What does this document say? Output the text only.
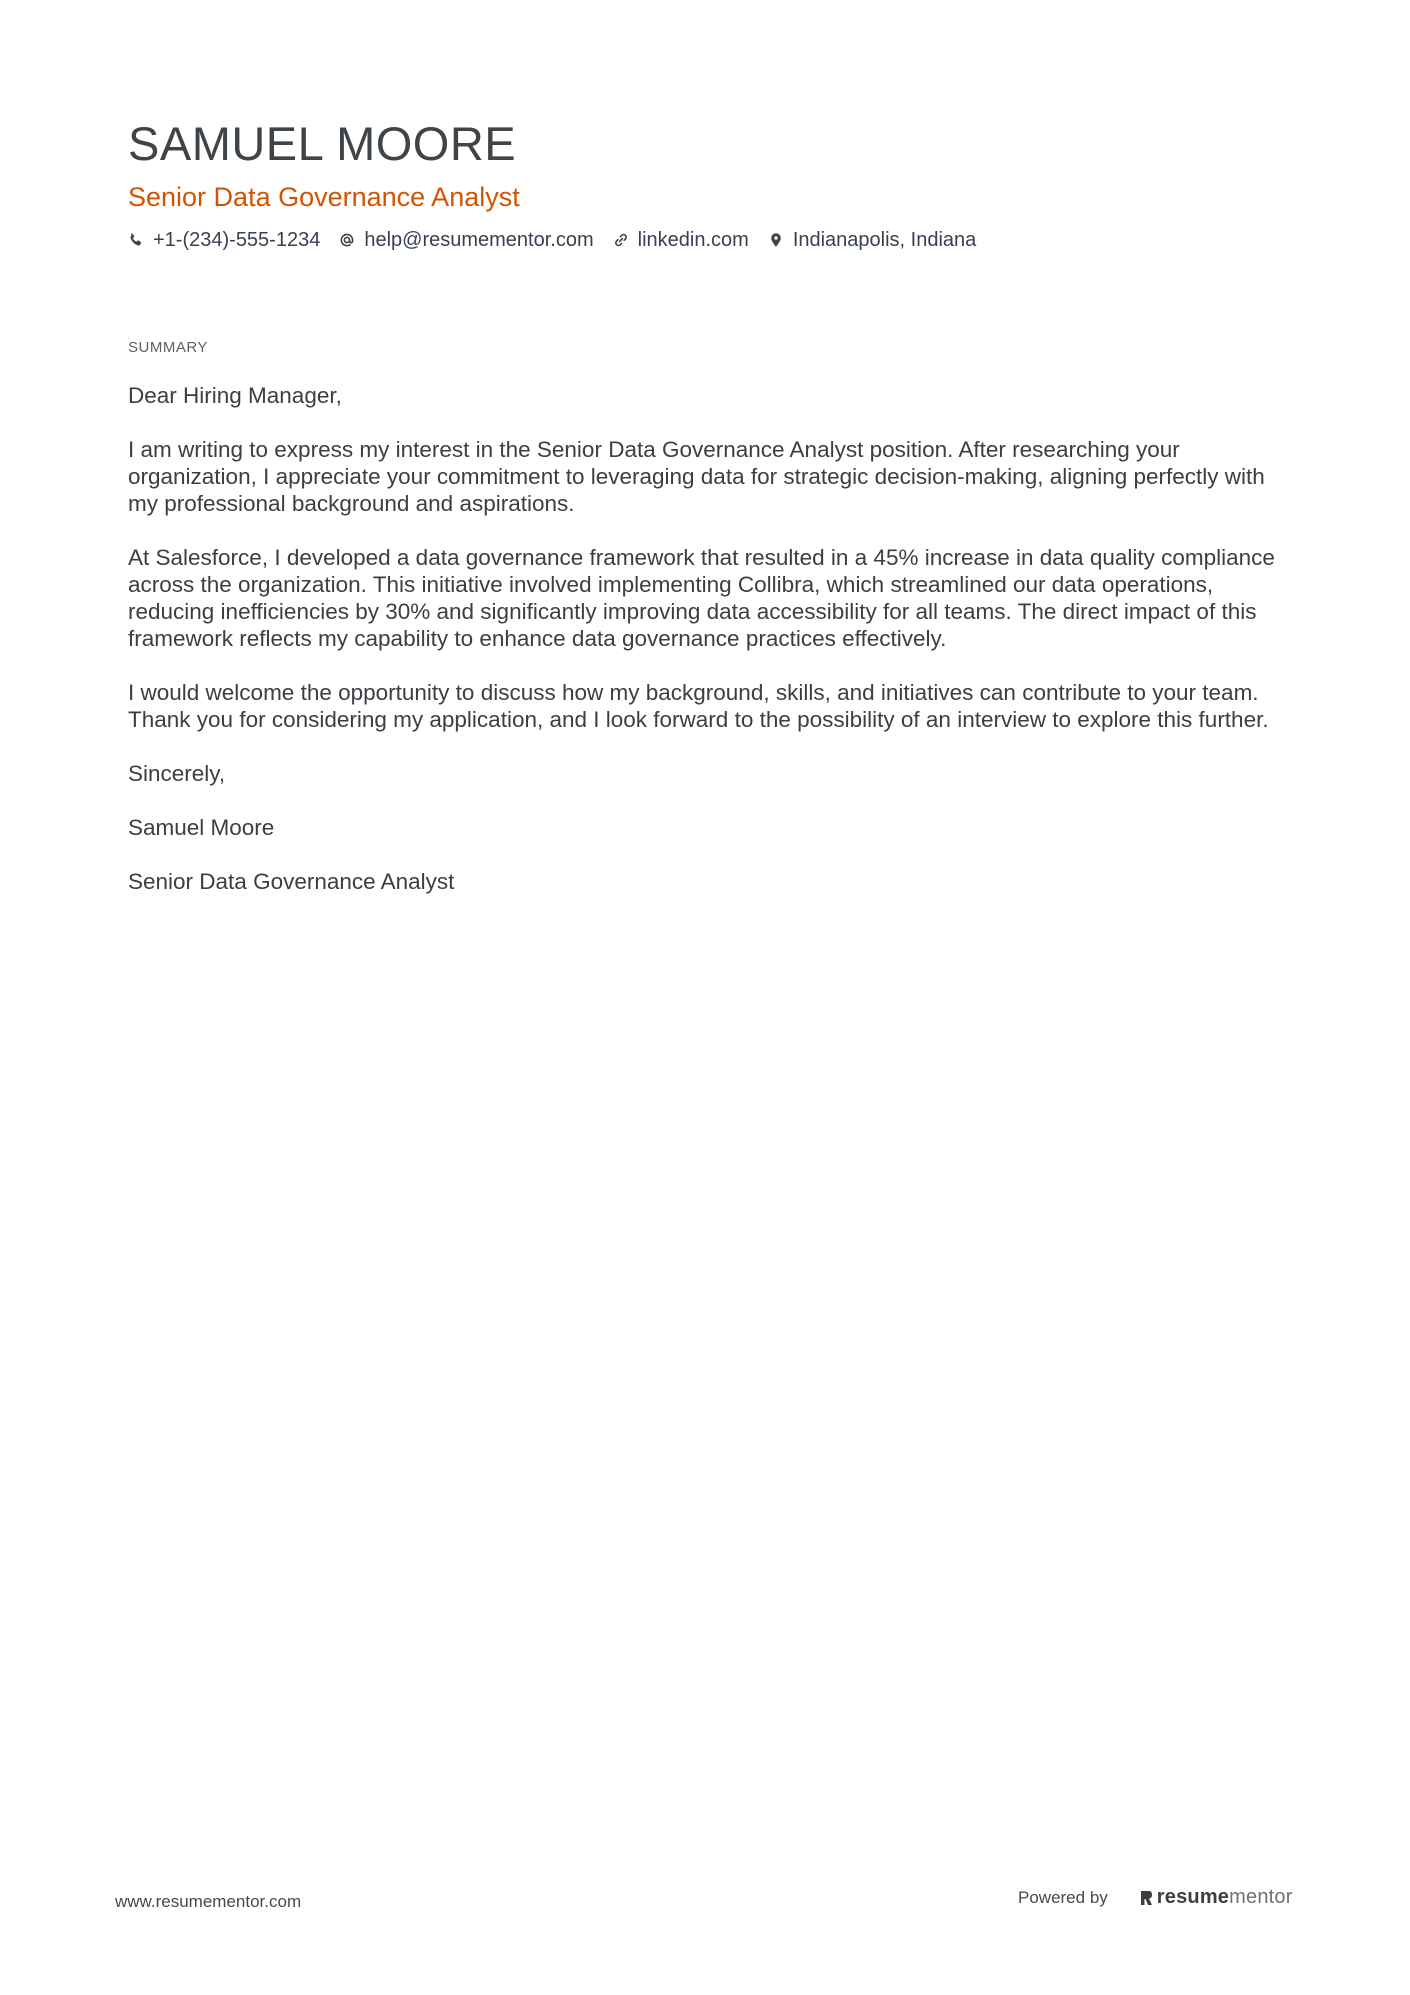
SAMUEL MOORE
Senior Data Governance Analyst
+1-(234)-555-1234 help@resumementor.com linkedin.com Indianapolis, Indiana
SUMMARY

Dear Hiring Manager,

I am writing to express my interest in the Senior Data Governance Analyst position. After researching your organization, I appreciate your commitment to leveraging data for strategic decision-making, aligning perfectly with my professional background and aspirations.

At Salesforce, I developed a data governance framework that resulted in a 45% increase in data quality compliance across the organization. This initiative involved implementing Collibra, which streamlined our data operations, reducing inefficiencies by 30% and significantly improving data accessibility for all teams. The direct impact of this framework reflects my capability to enhance data governance practices effectively.

I would welcome the opportunity to discuss how my background, skills, and initiatives can contribute to your team. Thank you for considering my application, and I look forward to the possibility of an interview to explore this further.

Sincerely,

Samuel Moore

Senior Data Governance Analyst

www.resumementor.com	Powered by resume mentor
